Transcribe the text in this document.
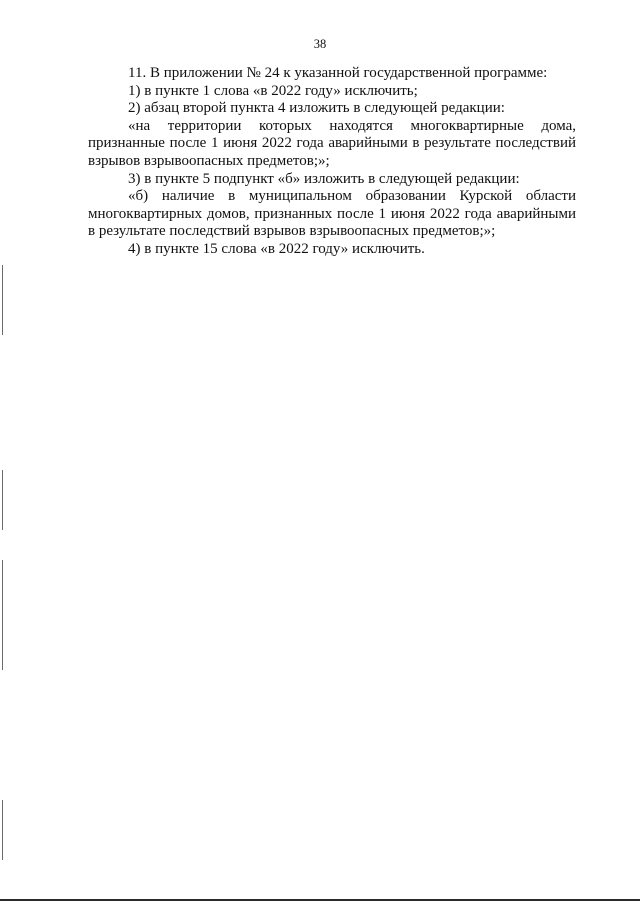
38

11. В приложении № 24 к указанной государственной программе:

1) в пункте 1 слова «в 2022 году» исключить;

2) абзац второй пункта 4 изложить в следующей редакции:

«на территории которых находятся многоквартирные дома, признанные после 1 июня 2022 года аварийными в результате последствий взрывов взрывоопасных предметов;»;

3) в пункте 5 подпункт «б» изложить в следующей редакции:

«б) наличие в муниципальном образовании Курской области многоквартирных домов, признанных после 1 июня 2022 года аварийными в результате последствий взрывов взрывоопасных предметов;»;

4) в пункте 15 слова «в 2022 году» исключить.
